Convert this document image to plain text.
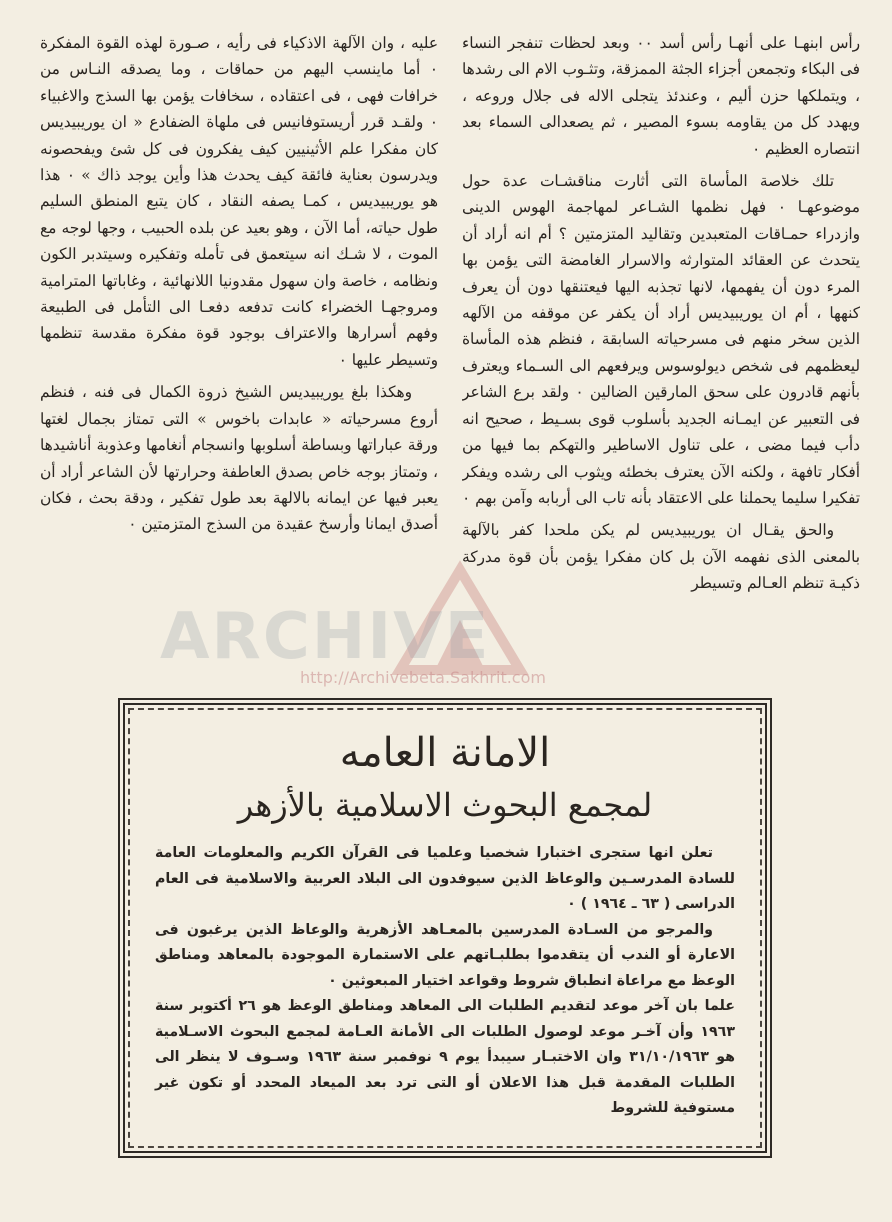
رأس ابنهـا على أنهـا رأس أسد ٠٠ وبعد لحظات تنفجر النساء فى البكاء وتجمعن أجزاء الجثة الممزقة، وتثـوب الام الى رشدها ، ويتملكها حزن أليم ، وعندئذ يتجلى الاله فى جلال وروعه ، ويهدد كل من يقاومه بسوء المصير ، ثم يصعدالى السماء بعد انتصاره العظيم ٠

تلك خلاصة المأساة التى أثارت مناقشـات عدة حول موضوعهـا ٠ فهل نظمها الشـاعر لمهاجمة الهوس الدينى وازدراء حمـاقات المتعبدين وتقاليد المتزمتين ؟ أم انه أراد أن يتحدث عن العقائد المتوارثه والاسرار الغامضة التى يؤمن بها المرء دون أن يفهمها، لانها تجذبه اليها فيعتنقها دون أن يعرف كنهها ، أم ان يوريبيديس أراد أن يكفر عن موقفه من الآلهه الذين سخر منهم فى مسرحياته السابقة ، فنظم هذه المأساة ليعظمهم فى شخص ديولوسوس ويرفعهم الى السـماء ويعترف بأنهم قادرون على سحق المارقين الضالين ٠ ولقد برع الشاعر فى التعبير عن ايمـانه الجديد بأسلوب قوى بسـيط ، صحيح انه دأب فيما مضى ، على تناول الاساطير والتهكم بما فيها من أفكار تافهة ، ولكنه الآن يعترف بخطئه ويثوب الى رشده ويفكر تفكيرا سليما يحملنا على الاعتقاد بأنه تاب الى أربابه وآمن بهم ٠

والحق يقـال ان يوريبيديس لم يكن ملحدا كفر بالآلهة بالمعنى الذى نفهمه الآن بل كان مفكرا يؤمن بأن قوة مدركة ذكيـة تنظم العـالم وتسيطر

عليه ، وان الآلهة الاذكياء فى رأيه ، صـورة لهذه القوة المفكرة ٠ أما ماينسب اليهم من حماقات ، وما يصدقه النـاس من خرافات فهى ، فى اعتقاده ، سخافات يؤمن بها السذج والاغبياء ٠ ولقـد قرر أريستوفانيس فى ملهاة الضفادع « ان يوريبيديس كان مفكرا علم الأثينيين كيف يفكرون فى كل شئ ويفحصونه ويدرسون بعناية فائقة كيف يحدث هذا وأين يوجد ذاك » ٠ هذا هو يوريبيديس ، كمـا يصفه النقاد ، كان يتبع المنطق السليم طول حياته، أما الآن ، وهو بعيد عن بلده الحبيب ، وجها لوجه مع الموت ، لا شـك انه سيتعمق فى تأمله وتفكيره وسيتدبر الكون ونظامه ، خاصة وان سهول مقدونيا اللانهائية ، وغاباتها المترامية ومروجهـا الخضراء كانت تدفعه دفعـا الى التأمل فى الطبيعة وفهم أسرارها والاعتراف بوجود قوة مفكرة مقدسة تنظمها وتسيطر عليها ٠

وهكذا بلغ يوريبيديس الشيخ ذروة الكمال فى فنه ، فنظم أروع مسرحياته « عابدات باخوس » التى تمتاز بجمال لغتها ورقة عباراتها وبساطة أسلوبها وانسجام أنغامها وعذوبة أناشيدها ، وتمتاز بوجه خاص بصدق العاطفة وحرارتها لأن الشاعر أراد أن يعبر فيها عن ايمانه بالالهة بعد طول تفكير ، ودقة بحث ، فكان أصدق ايمانا وأرسخ عقيدة من السذج المتزمتين ٠

ARCHIVE
http://Archivebeta.Sakhrit.com
الامانة العامه
لمجمع البحوث الاسلامية بالأزهر

تعلن انها ستجرى اختبارا شخصيا وعلميا فى القرآن الكريم والمعلومات العامة للسادة المدرسـين والوعاظ الذين سيوفدون الى البلاد العربية والاسلامية فى العام الدراسى ( ٦٣ ـ ١٩٦٤ ) ٠

والمرجو من السـادة المدرسين بالمعـاهد الأزهرية والوعاظ الذين يرغبون فى الاعارة أو الندب أن يتقدموا بطلبـاتهم على الاستمارة الموجودة بالمعاهد ومناطق الوعظ مع مراعاة انطباق شروط وقواعد اختيار المبعوثين ٠

علما بان آخر موعد لتقديم الطلبات الى المعاهد ومناطق الوعظ هو ٢٦ أكتوبر سنة ١٩٦٣ وأن آخـر موعد لوصول الطلبات الى الأمانة العـامة لمجمع البحوث الاسـلامية هو ٣١/١٠/١٩٦٣ وان الاختبـار سيبدأ يوم ٩ نوفمبر سنة ١٩٦٣ وسـوف لا ينظر الى الطلبات المقدمة قبل هذا الاعلان أو التى ترد بعد الميعاد المحدد أو تكون غير مستوفية للشروط
